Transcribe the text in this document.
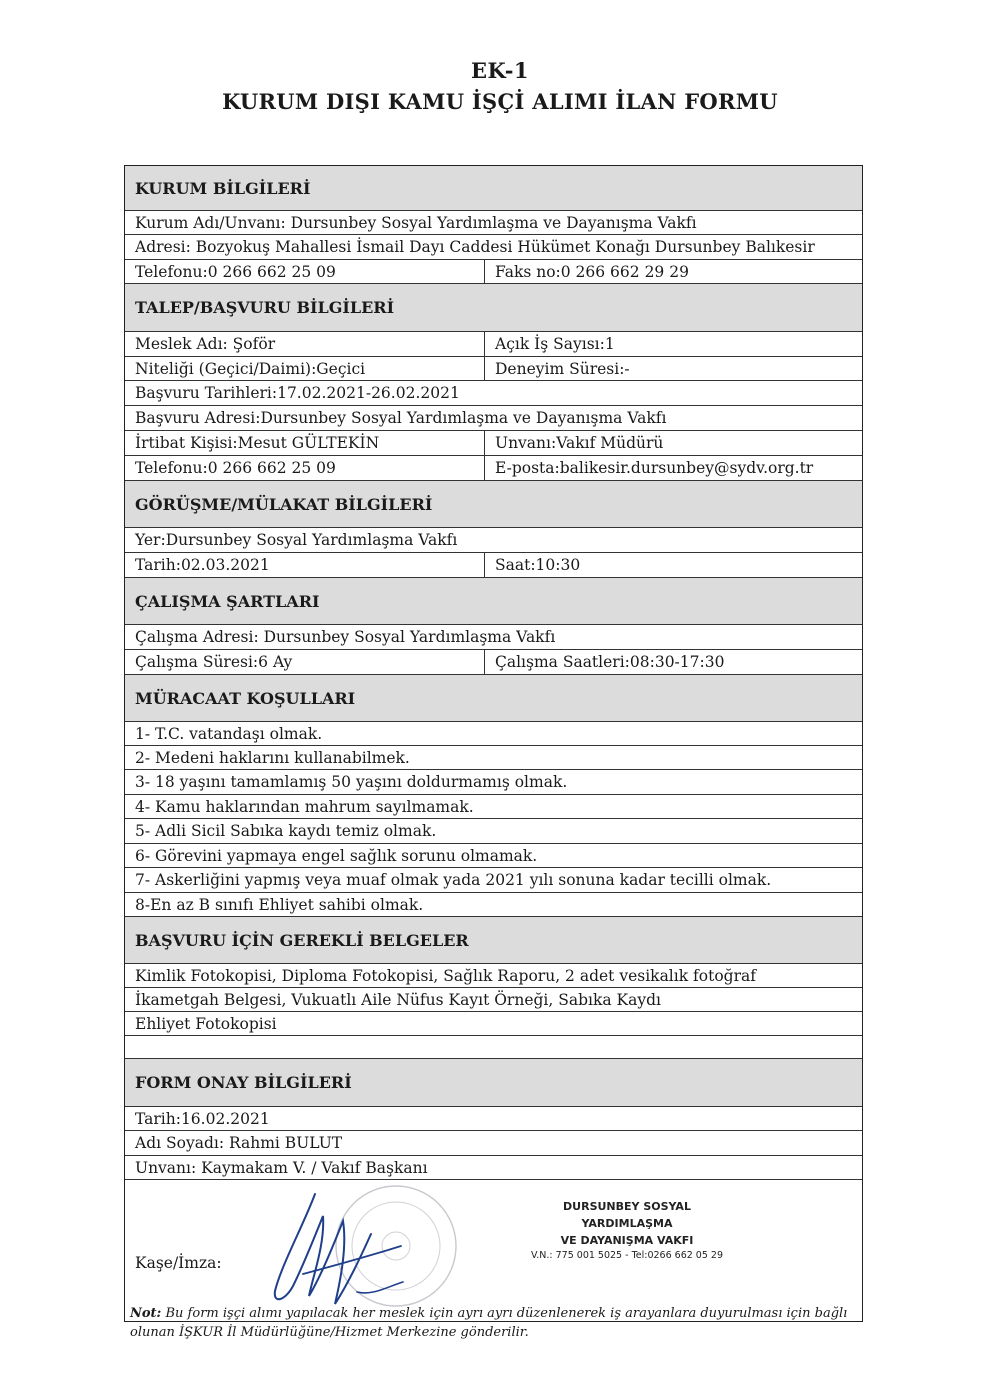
EK-1
KURUM DIŞI KAMU İŞÇİ ALIMI İLAN FORMU
KURUM BİLGİLERİ
Kurum Adı/Unvanı: Dursunbey Sosyal Yardımlaşma ve Dayanışma Vakfı
Adresi: Bozyokuş Mahallesi İsmail Dayı Caddesi Hükümet Konağı Dursunbey Balıkesir
Telefonu:0 266 662 25 09	Faks no:0 266 662 29 29
TALEP/BAŞVURU BİLGİLERİ
Meslek Adı: Şoför	Açık İş Sayısı:1
Niteliği (Geçici/Daimi):Geçici	Deneyim Süresi:-
Başvuru Tarihleri:17.02.2021-26.02.2021
Başvuru Adresi:Dursunbey Sosyal Yardımlaşma ve Dayanışma Vakfı
İrtibat Kişisi:Mesut GÜLTEKİN	Unvanı:Vakıf Müdürü
Telefonu:0 266 662 25 09	E-posta:balikesir.dursunbey@sydv.org.tr
GÖRÜŞME/MÜLAKAT BİLGİLERİ
Yer:Dursunbey Sosyal Yardımlaşma Vakfı
Tarih:02.03.2021	Saat:10:30
ÇALIŞMA ŞARTLARI
Çalışma Adresi: Dursunbey Sosyal Yardımlaşma Vakfı
Çalışma Süresi:6 Ay	Çalışma Saatleri:08:30-17:30
MÜRACAAT KOŞULLARI
1- T.C. vatandaşı olmak.
2- Medeni haklarını kullanabilmek.
3- 18 yaşını tamamlamış 50 yaşını doldurmamış olmak.
4- Kamu haklarından mahrum sayılmamak.
5- Adli Sicil Sabıka kaydı temiz olmak.
6- Görevini yapmaya engel sağlık sorunu olmamak.
7- Askerliğini yapmış veya muaf olmak yada 2021 yılı sonuna kadar tecilli olmak.
8-En az B sınıfı Ehliyet sahibi olmak.
BAŞVURU İÇİN GEREKLİ BELGELER
Kimlik Fotokopisi, Diploma Fotokopisi, Sağlık Raporu, 2 adet vesikalık fotoğraf
İkametgah Belgesi, Vukuatlı Aile Nüfus Kayıt Örneği, Sabıka Kaydı
Ehliyet Fotokopisi
FORM ONAY BİLGİLERİ
Tarih:16.02.2021
Adı Soyadı: Rahmi BULUT
Unvanı: Kaymakam V. / Vakıf Başkanı
Kaşe/İmza:
DURSUNBEY SOSYAL YARDIMLAŞMA
VE DAYANIŞMA VAKFI
V.N.: 775 001 5025 - Tel:0266 662 05 29
Not: Bu form işçi alımı yapılacak her meslek için ayrı ayrı düzenlenerek iş arayanlara duyurulması için bağlı olunan İŞKUR İl Müdürlüğüne/Hizmet Merkezine gönderilir.
